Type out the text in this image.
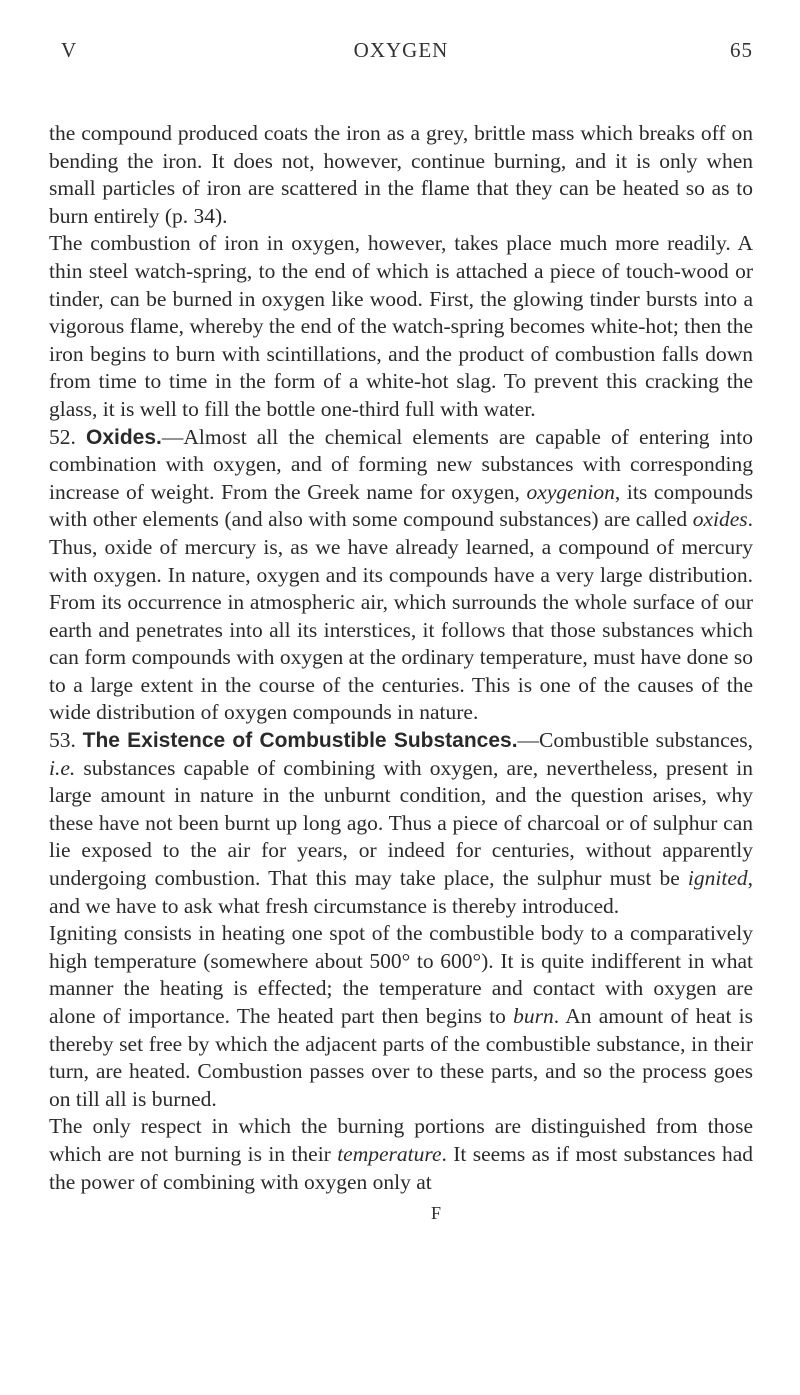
V	OXYGEN	65

the compound produced coats the iron as a grey, brittle mass which breaks off on bending the iron. It does not, however, continue burning, and it is only when small particles of iron are scattered in the flame that they can be heated so as to burn entirely (p. 34).

The combustion of iron in oxygen, however, takes place much more readily. A thin steel watch-spring, to the end of which is attached a piece of touch-wood or tinder, can be burned in oxygen like wood. First, the glowing tinder bursts into a vigorous flame, whereby the end of the watch-spring becomes white-hot; then the iron begins to burn with scintillations, and the product of combustion falls down from time to time in the form of a white-hot slag. To prevent this cracking the glass, it is well to fill the bottle one-third full with water.

52. Oxides.—Almost all the chemical elements are capable of entering into combination with oxygen, and of forming new substances with corresponding increase of weight. From the Greek name for oxygen, oxygenion, its compounds with other elements (and also with some compound substances) are called oxides. Thus, oxide of mercury is, as we have already learned, a compound of mercury with oxygen. In nature, oxygen and its compounds have a very large distribution. From its occurrence in atmospheric air, which surrounds the whole surface of our earth and penetrates into all its interstices, it follows that those substances which can form compounds with oxygen at the ordinary temperature, must have done so to a large extent in the course of the centuries. This is one of the causes of the wide distribution of oxygen compounds in nature.

53. The Existence of Combustible Substances.—Combustible substances, i.e. substances capable of combining with oxygen, are, nevertheless, present in large amount in nature in the unburnt condition, and the question arises, why these have not been burnt up long ago. Thus a piece of charcoal or of sulphur can lie exposed to the air for years, or indeed for centuries, without apparently undergoing combustion. That this may take place, the sulphur must be ignited, and we have to ask what fresh circumstance is thereby introduced.

Igniting consists in heating one spot of the combustible body to a comparatively high temperature (somewhere about 500° to 600°). It is quite indifferent in what manner the heating is effected; the temperature and contact with oxygen are alone of importance. The heated part then begins to burn. An amount of heat is thereby set free by which the adjacent parts of the combustible substance, in their turn, are heated. Combustion passes over to these parts, and so the process goes on till all is burned.

The only respect in which the burning portions are distinguished from those which are not burning is in their temperature. It seems as if most substances had the power of combining with oxygen only at

F
